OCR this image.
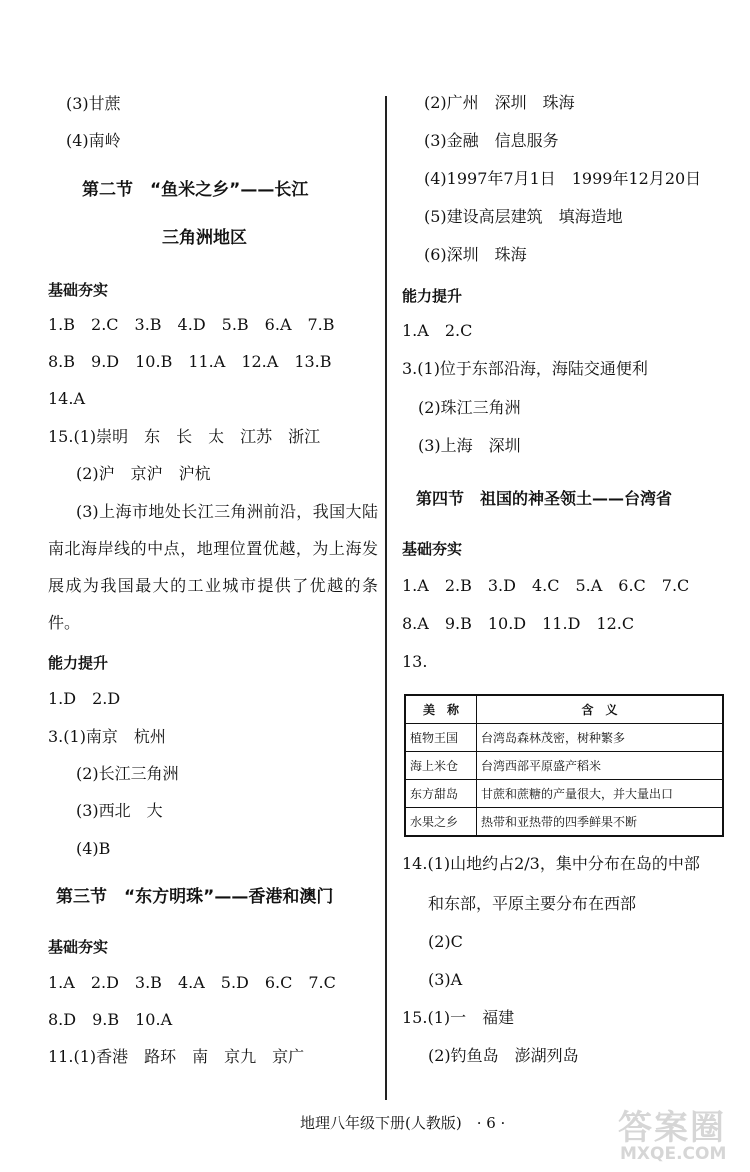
(3)甘蔗
(4)南岭
第二节　“鱼米之乡”——长江
三角洲地区
基础夯实
1.B　2.C　3.B　4.D　5.B　6.A　7.B
8.B　9.D　10.B　11.A　12.A　13.B
14.A
15.(1)崇明　东　长　太　江苏　浙江
(2)沪　京沪　沪杭
(3)上海市地处长江三角洲前沿，我国大陆南北海岸线的中点，地理位置优越，为上海发展成为我国最大的工业城市提供了优越的条件。
能力提升
1.D　2.D
3.(1)南京　杭州
(2)长江三角洲
(3)西北　大
(4)B
第三节　“东方明珠”——香港和澳门
基础夯实
1.A　2.D　3.B　4.A　5.D　6.C　7.C
8.D　9.B　10.A
11.(1)香港　路环　南　京九　京广
(2)广州　深圳　珠海
(3)金融　信息服务
(4)1997年7月1日　1999年12月20日
(5)建设高层建筑　填海造地
(6)深圳　珠海
能力提升
1.A　2.C
3.(1)位于东部沿海，海陆交通便利
(2)珠江三角洲
(3)上海　深圳
第四节　祖国的神圣领土——台湾省
基础夯实
1.A　2.B　3.D　4.C　5.A　6.C　7.C
8.A　9.B　10.D　11.D　12.C
13.
14.(1)山地约占2/3，集中分布在岛的中部
和东部，平原主要分布在西部
(2)C
(3)A
15.(1)一　福建
(2)钓鱼岛　澎湖列岛
美　称	含　义
植物王国	台湾岛森林茂密，树种繁多
海上米仓	台湾西部平原盛产稻米
东方甜岛	甘蔗和蔗糖的产量很大，并大量出口
水果之乡	热带和亚热带的四季鲜果不断
地理八年级下册(人教版)　· 6 ·	答案圈
MXQE.COM
